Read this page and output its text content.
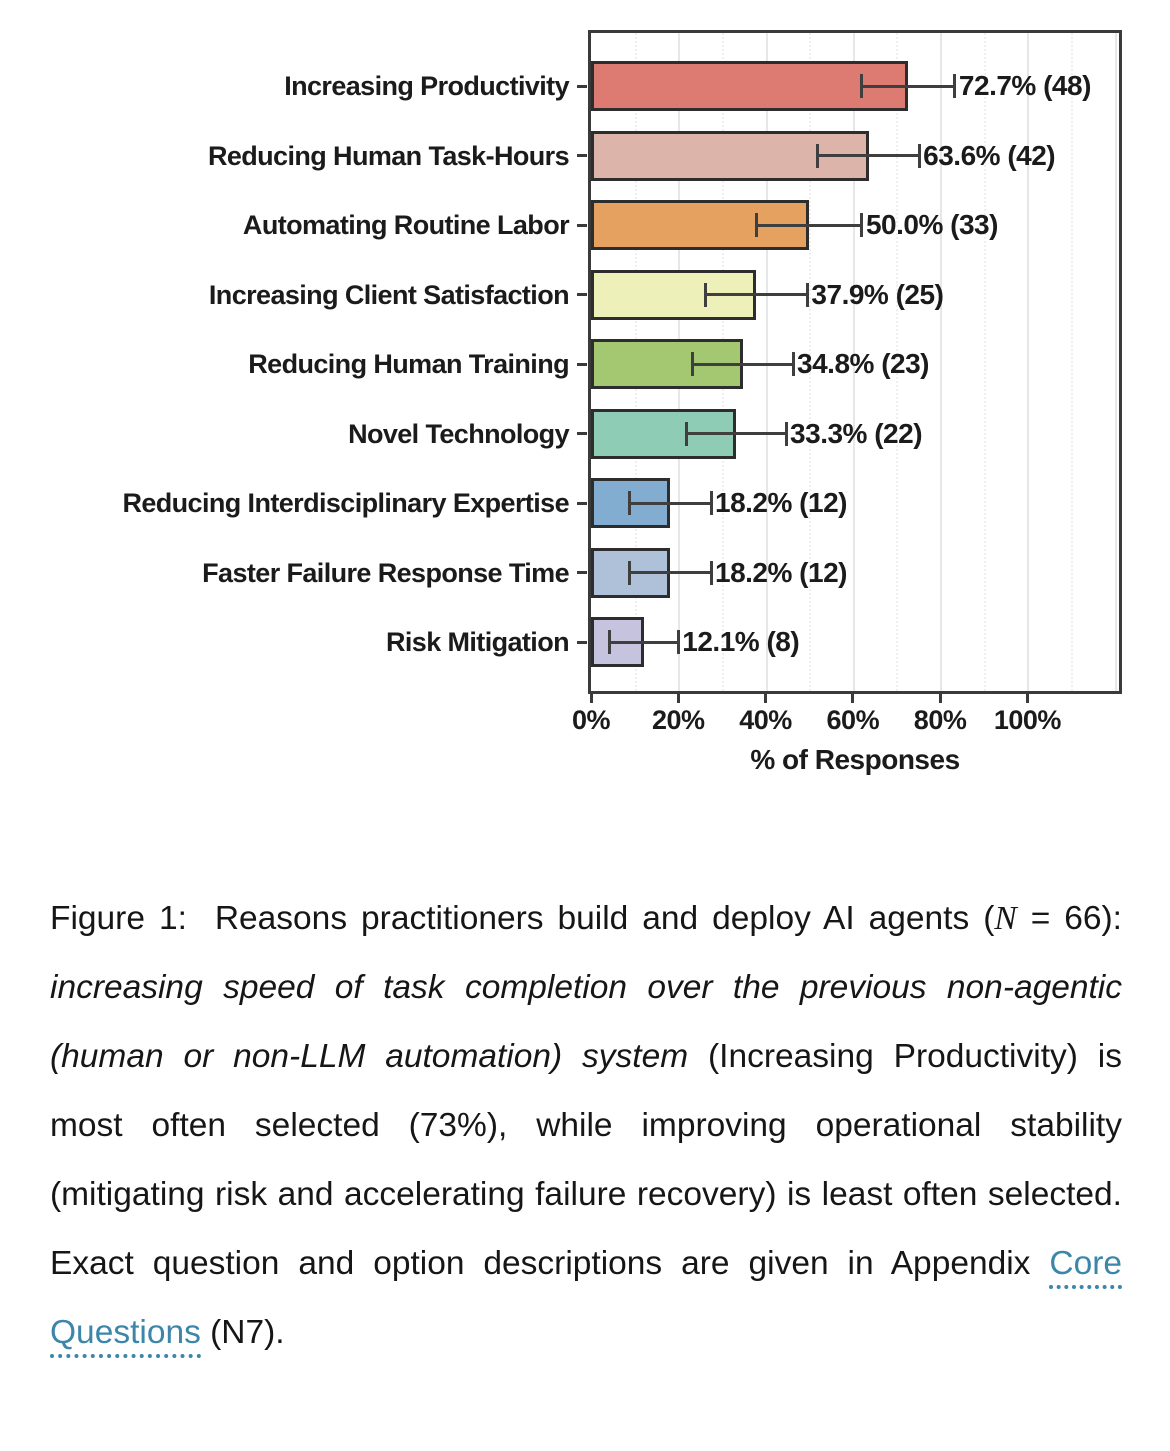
Increasing Productivity
Reducing Human Task-Hours
Automating Routine Labor
Increasing Client Satisfaction
Reducing Human Training
Novel Technology
Reducing Interdisciplinary Expertise
Faster Failure Response Time
Risk Mitigation
72.7% (48)
63.6% (42)
50.0% (33)
37.9% (25)
34.8% (23)
33.3% (22)
18.2% (12)
18.2% (12)
12.1% (8)
% of Responses
0% 20% 40% 60% 80% 100%
Figure 1:  Reasons practitioners build and deploy AI agents (N = 66): increasing speed of task completion over the previous non-agentic (human or non-LLM automation) system (Increasing Productivity) is most often selected (73%), while improving operational stability (mitigating risk and accelerating failure recovery) is least often selected. Exact question and option descriptions are given in Appendix Core Questions (N7).
